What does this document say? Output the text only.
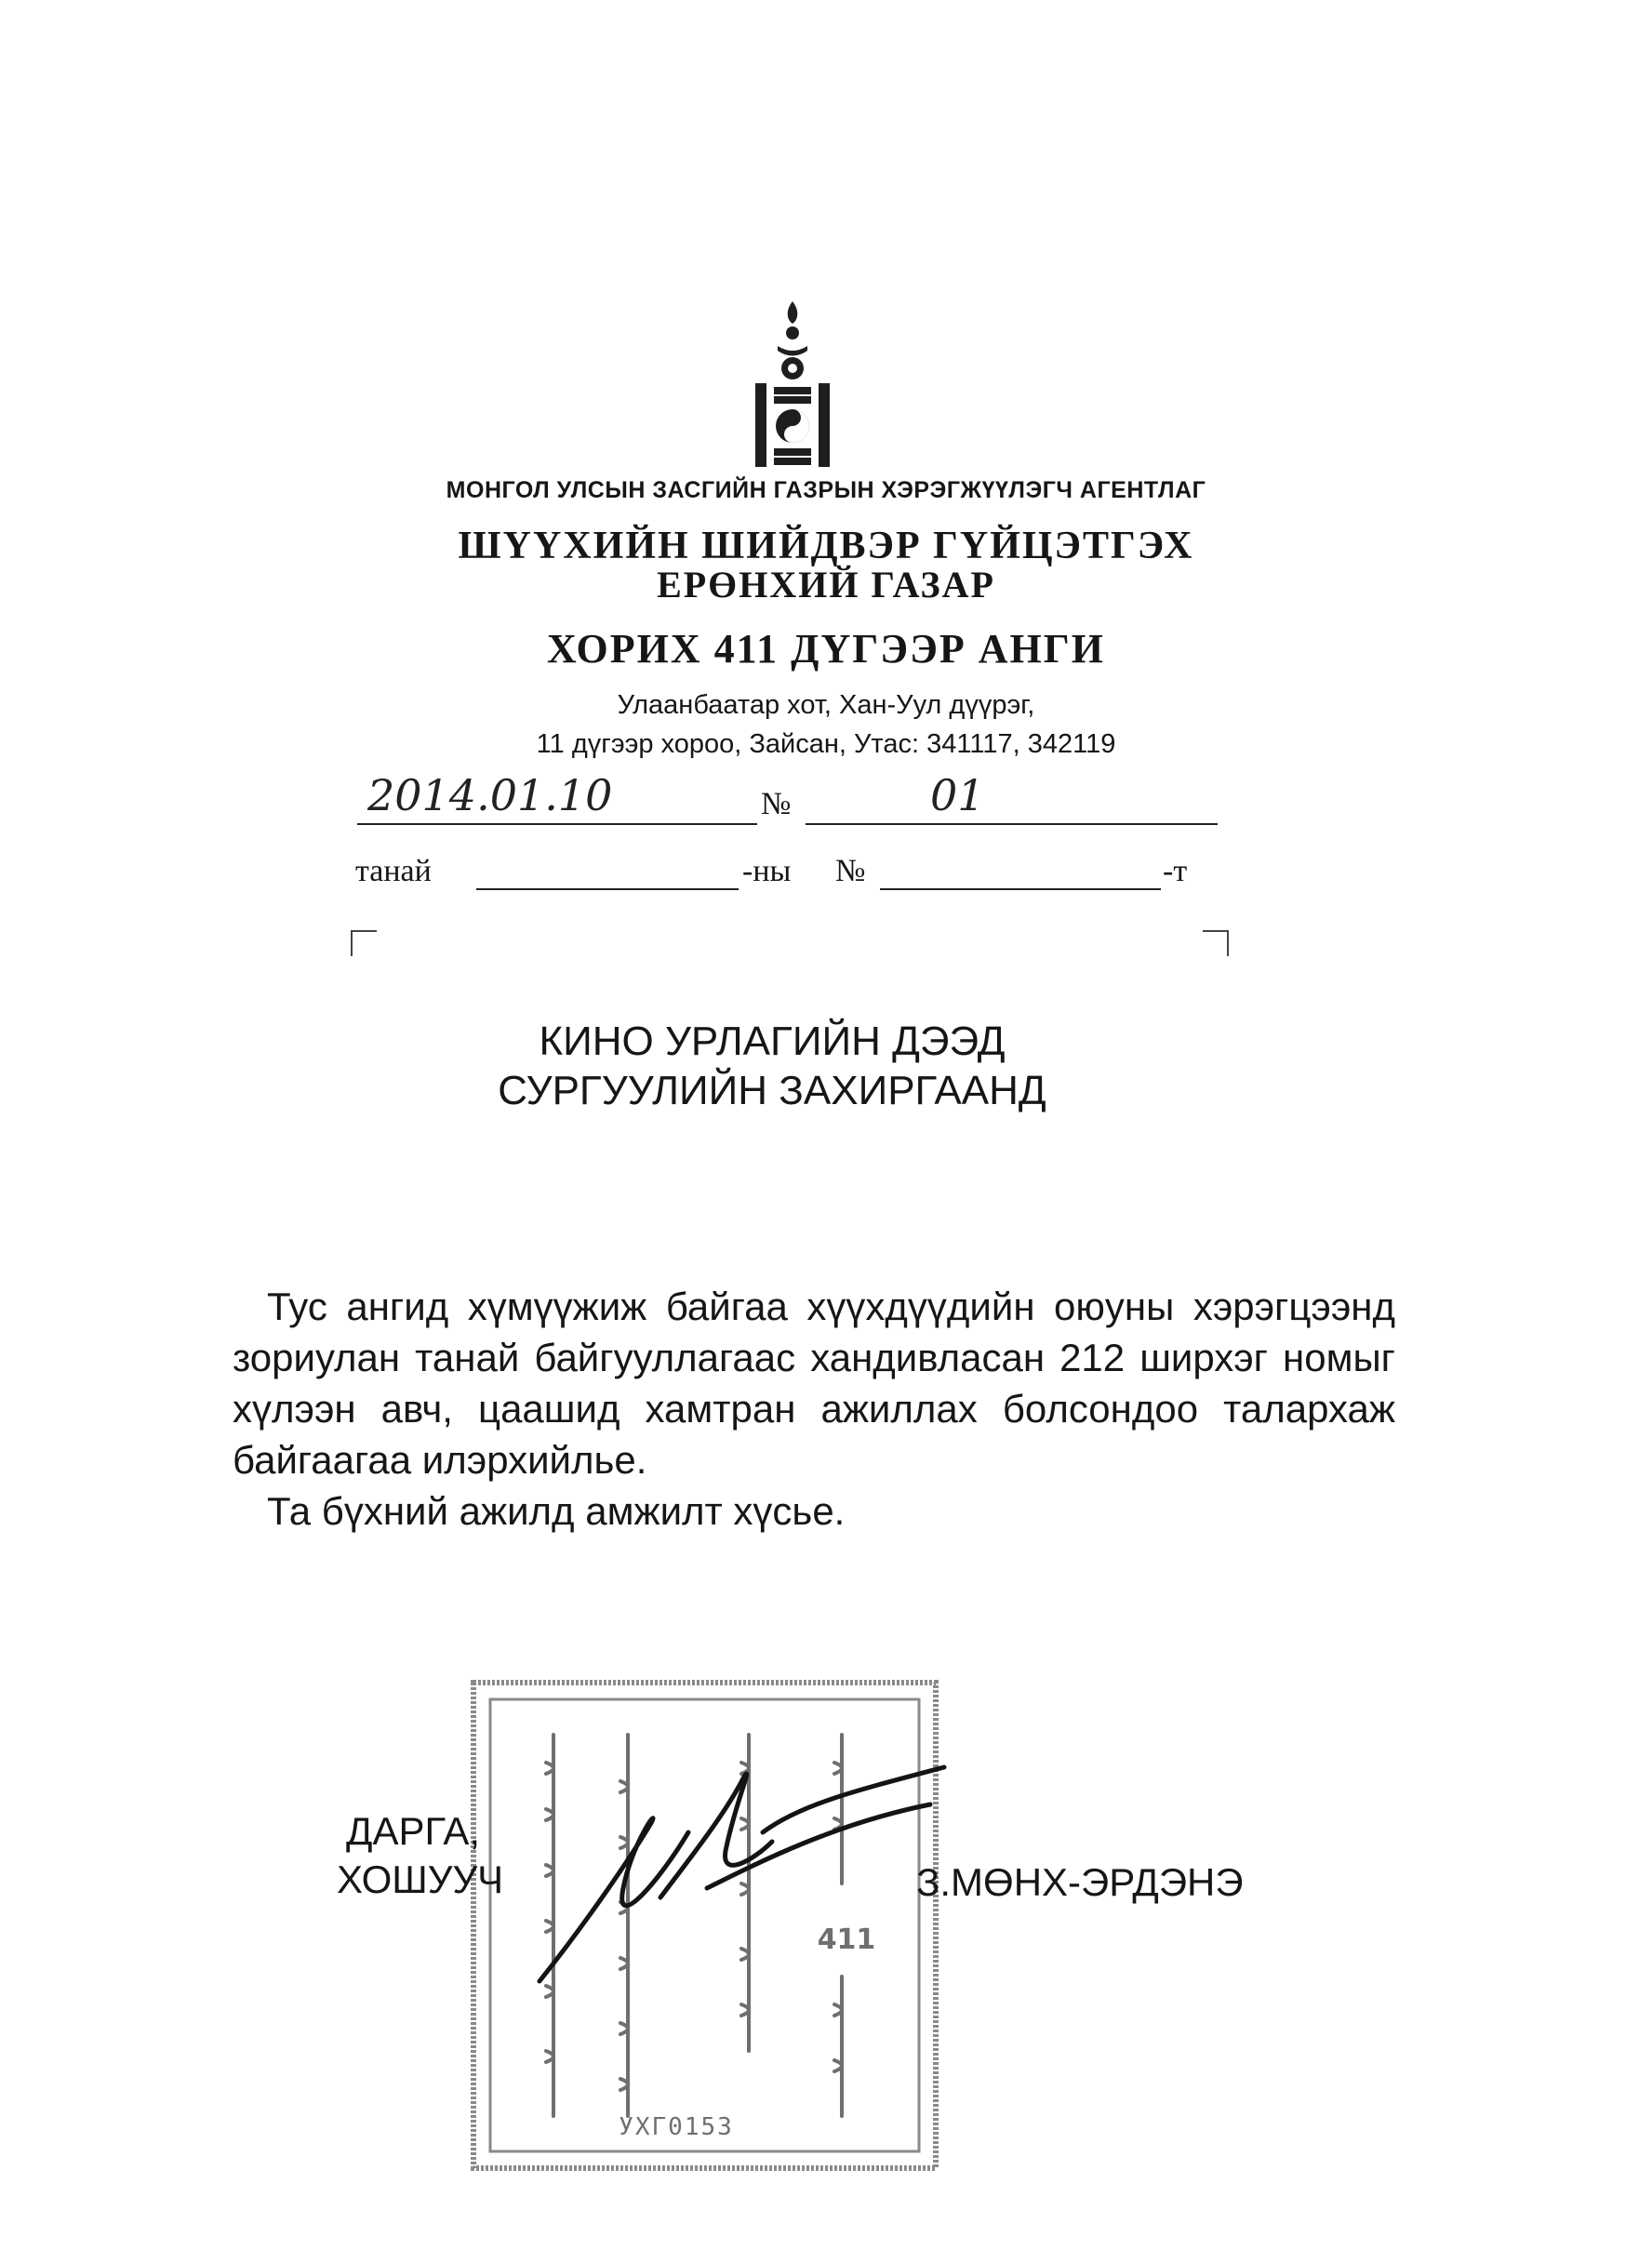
МОНГОЛ УЛСЫН ЗАСГИЙН ГАЗРЫН ХЭРЭГЖҮҮЛЭГЧ АГЕНТЛАГ
ШҮҮХИЙН ШИЙДВЭР ГҮЙЦЭТГЭХ
ЕРӨНХИЙ ГАЗАР
ХОРИХ 411 ДҮГЭЭР АНГИ
Улаанбаатар хот, Хан-Уул дүүрэг,
11 дүгээр хороо, Зайсан, Утас: 341117, 342119
2014.01.10	№	01
танай	-ны №	-т
КИНО УРЛАГИЙН ДЭЭД
СУРГУУЛИЙН ЗАХИРГААНД
Тус ангид хүмүүжиж байгаа хүүхдүүдийн оюуны хэрэгцээнд зориулан танай байгууллагаас хандивласан 212 ширхэг номыг хүлээн авч, цаашид хамтран ажиллах болсондоо талархаж байгаагаа илэрхийлье.
Та бүхний ажилд амжилт хүсье.
411
УХГ0153
ДАРГА,
ХОШУУЧ	З.МӨНХ-ЭРДЭНЭ
